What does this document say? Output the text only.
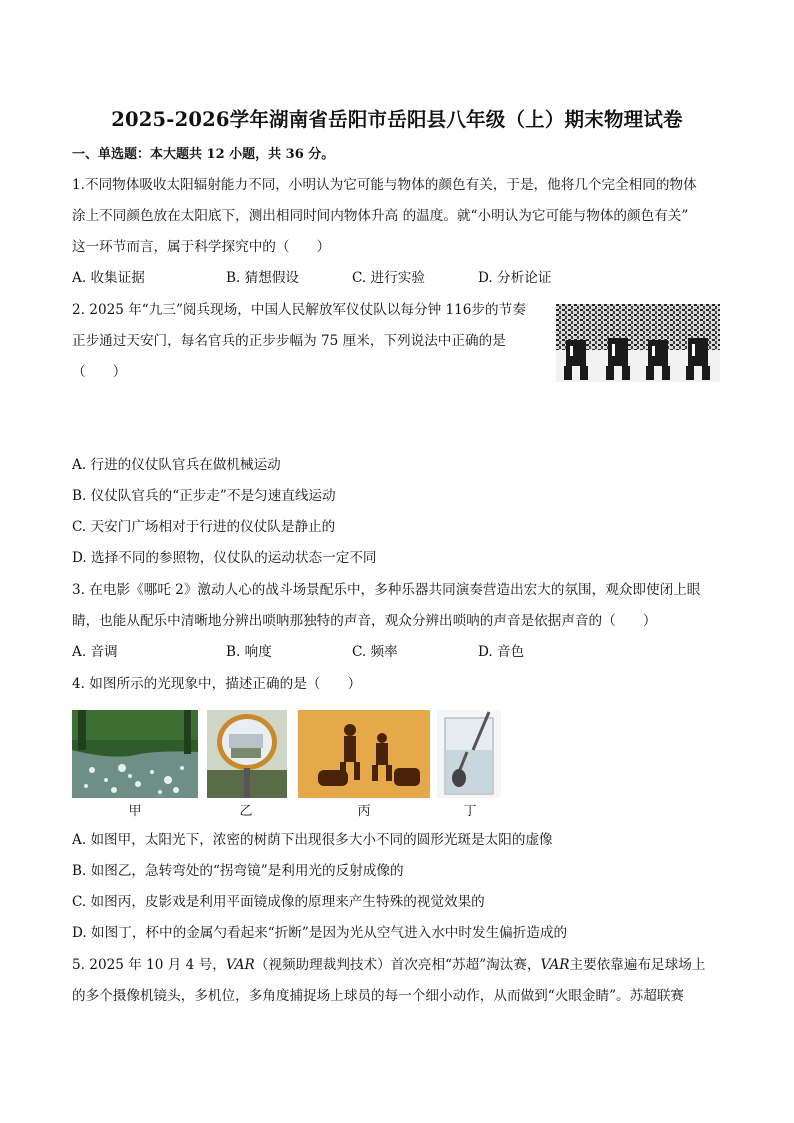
2025-2026学年湖南省岳阳市岳阳县八年级（上）期末物理试卷
一、单选题：本大题共 12 小题，共 36 分。
1.不同物体吸收太阳辐射能力不同，小明认为它可能与物体的颜色有关，于是，他将几个完全相同的物体
涂上不同颜色放在太阳底下，测出相同时间内物体升高 的温度。就“小明认为它可能与物体的颜色有关”
这一环节而言，属于科学探究中的（　　）
A. 收集证据	B. 猜想假设	C. 进行实验	D. 分析论证
2. 2025 年“九三”阅兵现场，中国人民解放军仪仗队以每分钟 116步的节奏
正步通过天安门，每名官兵的正步步幅为 75 厘米，下列说法中正确的是
（　　）
A. 行进的仪仗队官兵在做机械运动
B. 仪仗队官兵的“正步走”不是匀速直线运动
C. 天安门广场相对于行进的仪仗队是静止的
D. 选择不同的参照物，仪仗队的运动状态一定不同
3. 在电影《哪吒 2》激动人心的战斗场景配乐中，多种乐器共同演奏营造出宏大的氛围，观众即使闭上眼
睛，也能从配乐中清晰地分辨出唢呐那独特的声音，观众分辨出唢呐的声音是依据声音的（　　）
A. 音调	B. 响度	C. 频率	D. 音色
4. 如图所示的光现象中，描述正确的是（　　）
甲	乙	丙	丁
A. 如图甲，太阳光下，浓密的树荫下出现很多大小不同的圆形光斑是太阳的虚像
B. 如图乙，急转弯处的“拐弯镜”是利用光的反射成像的
C. 如图丙，皮影戏是利用平面镜成像的原理来产生特殊的视觉效果的
D. 如图丁，杯中的金属勺看起来“折断”是因为光从空气进入水中时发生偏折造成的
5. 2025 年 10 月 4 号，VAR（视频助理裁判技术）首次亮相“苏超”淘汰赛，VAR主要依靠遍布足球场上
的多个摄像机镜头，多机位，多角度捕捉场上球员的每一个细小动作，从而做到“火眼金睛”。苏超联赛
